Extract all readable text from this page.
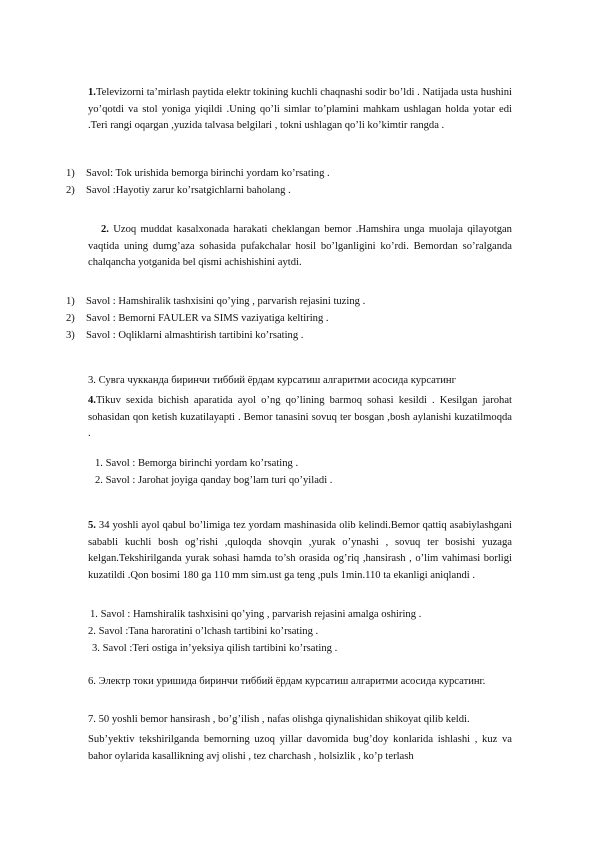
1.Televizorni ta’mirlash paytida elektr tokining kuchli chaqnashi sodir bo’ldi . Natijada usta hushini yo’qotdi va stol yoniga yiqildi .Uning qo’li simlar to’plamini mahkam ushlagan holda yotar edi .Teri rangi oqargan ,yuzida talvasa belgilari , tokni ushlagan qo’li ko’kimtir rangda .

1) Savol: Tok urishida bemorga birinchi yordam ko’rsating .
2) Savol :Hayotiy zarur ko’rsatgichlarni baholang .

2. Uzoq muddat kasalxonada harakati cheklangan bemor .Hamshira unga muolaja qilayotgan vaqtida uning dumg’aza sohasida pufakchalar hosil bo’lganligini ko’rdi. Bemordan so’ralganda chalqancha yotganida bel qismi achishishini aytdi.

1) Savol : Hamshiralik tashxisini qo’ying , parvarish rejasini tuzing .
2) Savol : Bemorni FAULER va SIMS vaziyatiga keltiring .
3) Savol : Oqliklarni almashtirish tartibini ko’rsating .
3. Сувга чукканда биринчи тиббий ёрдам курсатиш алгаритми асосида курсатинг

4.Tikuv sexida bichish aparatida ayol o’ng qo’lining barmoq sohasi kesildi . Kesilgan jarohat sohasidan qon ketish kuzatilayapti . Bemor tanasini sovuq ter bosgan ,bosh aylanishi kuzatilmoqda .

1. Savol : Bemorga birinchi yordam ko’rsating .
2. Savol : Jarohat joyiga qanday bog’lam turi qo’yiladi .

5. 34 yoshli ayol qabul bo’limiga tez yordam mashinasida olib kelindi.Bemor qattiq asabiylashgani sababli kuchli bosh og’rishi ,quloqda shovqin ,yurak o’ynashi , sovuq ter bosishi yuzaga kelgan.Tekshirilganda yurak sohasi hamda to’sh orasida og’riq ,hansirash , o’lim vahimasi borligi kuzatildi .Qon bosimi 180 ga 110 mm sim.ust ga teng ,puls 1min.110 ta ekanligi aniqlandi .

1. Savol : Hamshiralik tashxisini qo’ying , parvarish rejasini amalga oshiring .
2. Savol :Tana haroratini o’lchash tartibini ko’rsating .
3. Savol :Teri ostiga in’yeksiya qilish tartibini ko’rsating .
6. Электр токи уришида биринчи тиббий ёрдам курсатиш алгаритми асосида курсатинг.
7. 50 yoshli bemor hansirash , bo’g’ilish , nafas olishga qiynalishidan shikoyat qilib keldi.

Sub’yektiv tekshirilganda bemorning uzoq yillar davomida bug’doy konlarida ishlashi , kuz va bahor oylarida kasallikning avj olishi , tez charchash , holsizlik , ko’p terlash
